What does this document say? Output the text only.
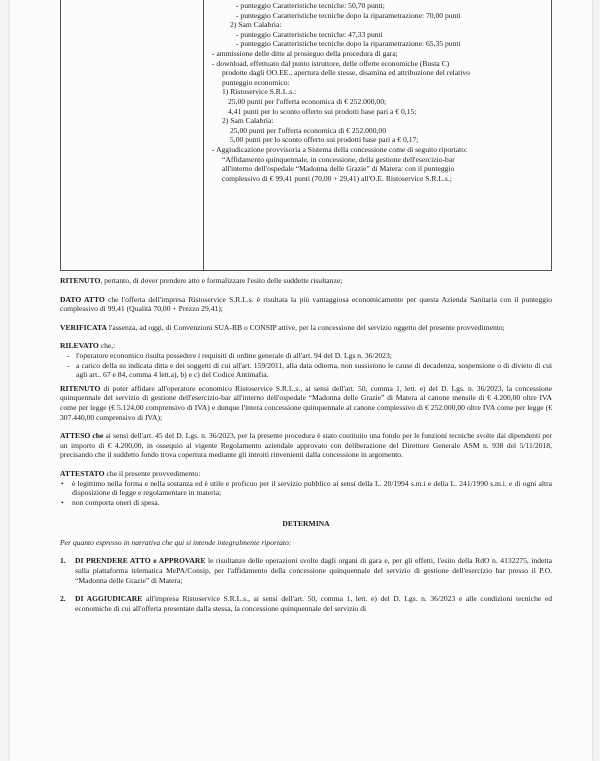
- punteggio Caratteristiche tecniche: 50,70 punti;
- punteggio Caratteristiche tecniche dopo la riparametrazione: 70,00 punti
2) Sam Calabria:
- punteggio Caratteristiche tecniche: 47,33 punti
- punteggio Caratteristiche tecniche dopo la riparametrazione: 65,35 punti
- ammissione delle ditte al prosieguo della procedura di gara;
- download, effettuato dal punto istruttore, delle offerte economiche (Busta C)
prodotte dagli OO.EE., apertura delle stesse, disamina ed attribuzione del relativo
punteggio economico:
1) Ristoservice S.R.L.s.:
25,00 punti per l'offerta economica di € 252.000,00;
4,41 punti per lo sconto offerto sui prodotti base pari a € 0,15;
2) Sam Calabria:
25,00 punti per l'offerta economica di € 252.000,00
5,00 punti per lo sconto offerto sui prodotti base pari a € 0,17;
- Aggiudicazione provvisoria a Sistema della concessione come di seguito riportato:
“Affidamento quinquennale, in concessione, della gestione dell'esercizio-bar
all'interno dell'ospedale “Madonna delle Grazie” di Matera: con il punteggio
complessivo di € 99,41 punti (70,00 + 29,41) all'O.E. Ristoservice S.R.L.s.;

RITENUTO, pertanto, di dover prendere atto e formalizzare l'esito delle suddette risultanze;

DATO ATTO che l'offerta dell'impresa Ristoservice S.R.L.s. è risultata la più vantaggiosa economicamente per questa Azienda Sanitaria con il punteggio complessivo di 99,41 (Qualità 70,00 + Prezzo 29,41);

VERIFICATA l'assenza, ad oggi, di Convenzioni SUA-RB o CONSIP attive, per la concessione del servizio oggetto del presente provvedimento;

RILEVATO che,:

- l'operatore economico risulta possedere i requisiti di ordine generale di all'art. 94 del D. Lgs n. 36/2023;
- a carico della su indicata ditta e dei soggetti di cui all'art. 159/2011, alla data odierna, non sussistono le cause di decadenza, sospensione o di divieto di cui agli art.. 67 e 84, comma 4 lett.a), b) e c) del Codice Antimafia.

RITENUTO di poter affidare all'operatore economico Ristoservice S.R.L.s., ai sensi dell'art. 50, comma 1, lett. e) del D. Lgs. n. 36/2023, la concessione quinquennale del servizio di gestione dell'esercizio-bar all'interno dell'ospedale “Madonna delle Grazie” di Matera al canone mensile di € 4.200,00 oltre IVA come per legge (€ 5.124,00 comprensivo di IVA) e dunque l'intera concessione quinquennale al canone complessivo di € 252.000,00 oltre IVA come per legge (€ 307.440,00 comprensivo di IVA);

ATTESO che ai sensi dell'art. 45 del D. Lgs. n. 36/2023, per la presente procedura è stato costituito una fondo per le funzioni tecniche svolte dai dipendenti per un importo di € 4.200,00, in ossequio al vigente Regolamento aziendale approvato con deliberazione del Direttore Generale ASM n. 938 del 5/11/2018, precisando che il suddetto fondo trova copertura mediante gli introiti rinvenienti dalla concessione in argomento.

ATTESTATO che il presente provvedimento:

• è legittimo nella forma e nella sostanza ed è utile e proficuo per il servizio pubblico ai sensi della L. 20/1994 s.m.i e della L. 241/1990 s.m.i. e di ogni altra disposizione di legge e regolamentare in materia;
• non comporta oneri di spesa.

DETERMINA

Per quanto espresso in narrativa che qui si intende integralmente riportato:

1. DI PRENDERE ATTO e APPROVARE le risultanze delle operazioni svolte dagli organi di gara e, per gli effetti, l'esito della RdO n. 4132275, indetta sulla piattaforma telematica MePA/Consip, per l'affidamento della concessione quinquennale del servizio di gestione dell'esercizio bar presso il P.O. “Madonna delle Grazie” di Matera;
2. DI AGGIUDICARE all'impresa Ristoservice S.R.L.s., ai sensi dell'art. 50, comma 1, lett. e) del D. Lgs. n. 36/2023 e alle condizioni tecniche ed economiche di cui all'offerta presentate dalla stessa, la concessione quinquennale del servizio di
